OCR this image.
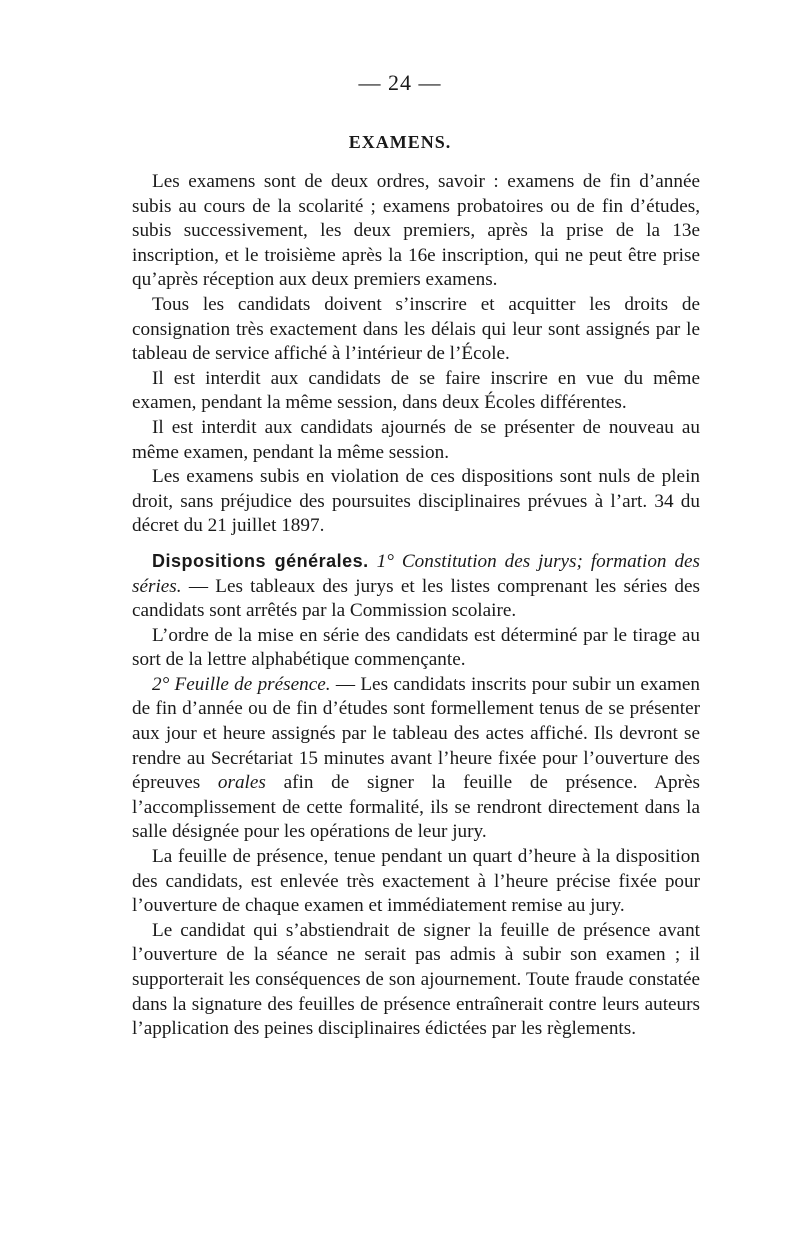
— 24 —
EXAMENS.

Les examens sont de deux ordres, savoir : examens de fin d’année subis au cours de la scolarité ; examens probatoires ou de fin d’études, subis successivement, les deux premiers, après la prise de la 13e inscription, et le troisième après la 16e inscription, qui ne peut être prise qu’après réception aux deux premiers examens.

Tous les candidats doivent s’inscrire et acquitter les droits de consignation très exactement dans les délais qui leur sont assignés par le tableau de service affiché à l’intérieur de l’École.

Il est interdit aux candidats de se faire inscrire en vue du même examen, pendant la même session, dans deux Écoles différentes.

Il est interdit aux candidats ajournés de se présenter de nouveau au même examen, pendant la même session.

Les examens subis en violation de ces dispositions sont nuls de plein droit, sans préjudice des poursuites disciplinaires prévues à l’art. 34 du décret du 21 juillet 1897.

Dispositions générales. 1° Constitution des jurys; formation des séries. — Les tableaux des jurys et les listes comprenant les séries des candidats sont arrêtés par la Commission scolaire.

L’ordre de la mise en série des candidats est déterminé par le tirage au sort de la lettre alphabétique commençante.

2° Feuille de présence. — Les candidats inscrits pour subir un examen de fin d’année ou de fin d’études sont formellement tenus de se présenter aux jour et heure assignés par le tableau des actes affiché. Ils devront se rendre au Secrétariat 15 minutes avant l’heure fixée pour l’ouverture des épreuves orales afin de signer la feuille de présence. Après l’accomplissement de cette formalité, ils se rendront directement dans la salle désignée pour les opérations de leur jury.

La feuille de présence, tenue pendant un quart d’heure à la disposition des candidats, est enlevée très exactement à l’heure précise fixée pour l’ouverture de chaque examen et immédiatement remise au jury.

Le candidat qui s’abstiendrait de signer la feuille de présence avant l’ouverture de la séance ne serait pas admis à subir son examen ; il supporterait les conséquences de son ajournement. Toute fraude constatée dans la signature des feuilles de présence entraînerait contre leurs auteurs l’application des peines disciplinaires édictées par les règlements.
